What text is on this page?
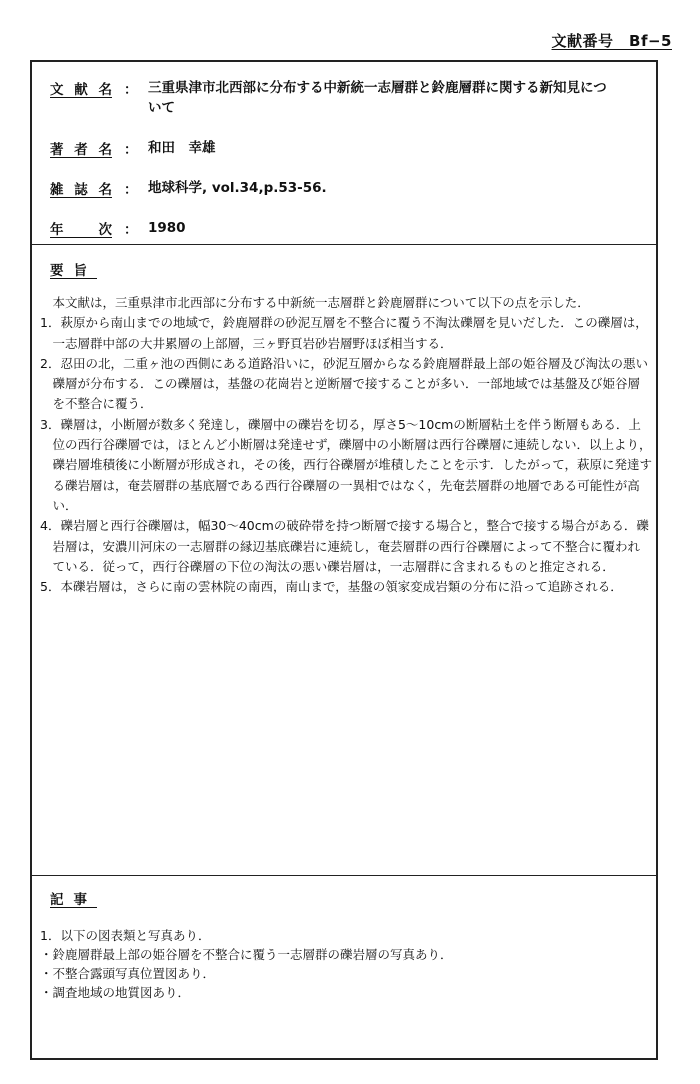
文献番号　Bf−5
文献名 ： 三重県津市北西部に分布する中新統一志層群と鈴鹿層群に関する新知見について
著者名 ： 和田　幸雄
雑誌名 ： 地球科学, vol.34,p.53-56.
年次 ： 1980
要旨

本文献は，三重県津市北西部に分布する中新統一志層群と鈴鹿層群について以下の点を示した．

1．萩原から南山までの地域で，鈴鹿層群の砂泥互層を不整合に覆う不淘汰礫層を見いだした．この礫層は，一志層群中部の大井累層の上部層，三ヶ野頁岩砂岩層野ほぼ相当する．

2．忍田の北，二重ヶ池の西側にある道路沿いに，砂泥互層からなる鈴鹿層群最上部の姫谷層及び淘汰の悪い礫層が分布する．この礫層は，基盤の花崗岩と逆断層で接することが多い．一部地域では基盤及び姫谷層を不整合に覆う．

3．礫層は，小断層が数多く発達し，礫層中の礫岩を切る，厚さ5〜10cmの断層粘土を伴う断層もある．上位の西行谷礫層では，ほとんど小断層は発達せず，礫層中の小断層は西行谷礫層に連続しない．以上より，礫岩層堆積後に小断層が形成され，その後，西行谷礫層が堆積したことを示す．したがって，萩原に発達する礫岩層は，奄芸層群の基底層である西行谷礫層の一異相ではなく，先奄芸層群の地層である可能性が高い．

4．礫岩層と西行谷礫層は，幅30〜40cmの破砕帯を持つ断層で接する場合と，整合で接する場合がある．礫岩層は，安濃川河床の一志層群の縁辺基底礫岩に連続し，奄芸層群の西行谷礫層によって不整合に覆われている．従って，西行谷礫層の下位の淘汰の悪い礫岩層は，一志層群に含まれるものと推定される．

5．本礫岩層は，さらに南の雲林院の南西，南山まで，基盤の領家変成岩類の分布に沿って追跡される．

記事

1．以下の図表類と写真あり．

・鈴鹿層群最上部の姫谷層を不整合に覆う一志層群の礫岩層の写真あり．

・不整合露頭写真位置図あり．

・調査地域の地質図あり．
